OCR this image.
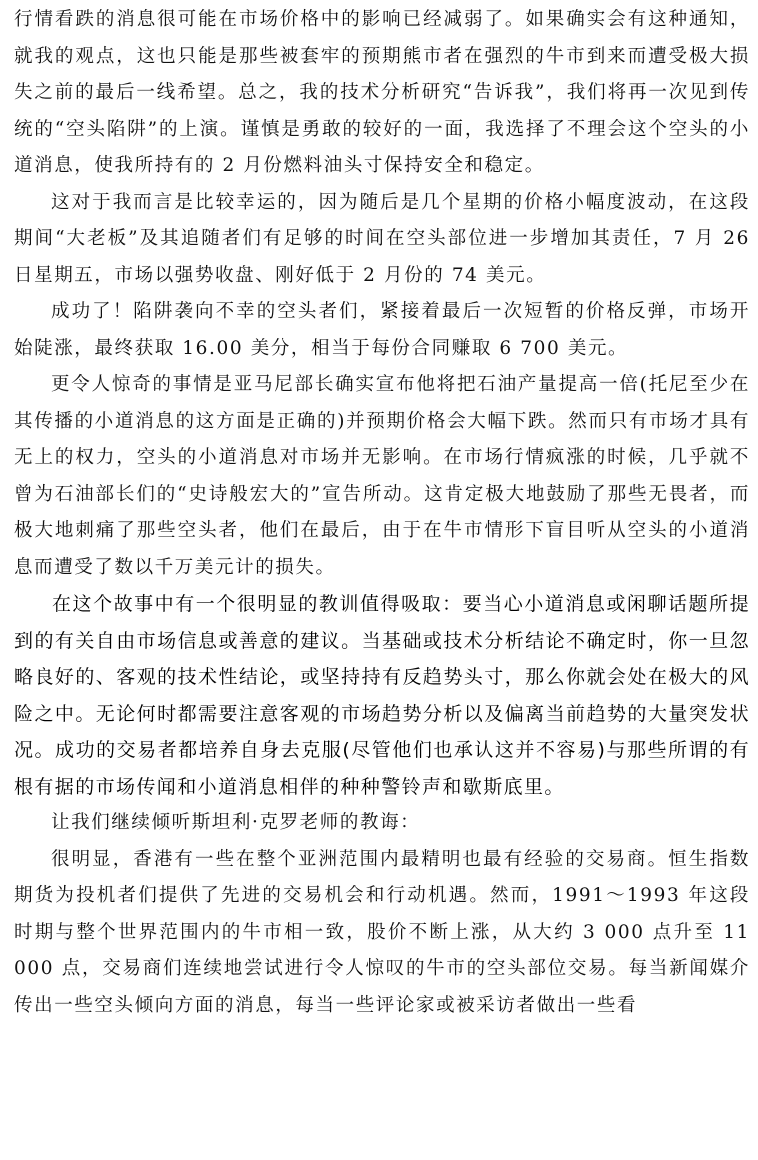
行情看跌的消息很可能在市场价格中的影响已经减弱了。如果确实会有这种通知，就我的观点，这也只能是那些被套牢的预期熊市者在强烈的牛市到来而遭受极大损失之前的最后一线希望。总之，我的技术分析研究“告诉我”，我们将再一次见到传统的“空头陷阱”的上演。谨慎是勇敢的较好的一面，我选择了不理会这个空头的小道消息，使我所持有的 2 月份燃料油头寸保持安全和稳定。

这对于我而言是比较幸运的，因为随后是几个星期的价格小幅度波动，在这段期间“大老板”及其追随者们有足够的时间在空头部位进一步增加其责任，7 月 26 日星期五，市场以强势收盘、刚好低于 2 月份的 74 美元。

成功了！陷阱袭向不幸的空头者们，紧接着最后一次短暂的价格反弹，市场开始陡涨，最终获取 16.00 美分，相当于每份合同赚取 6 700 美元。

更令人惊奇的事情是亚马尼部长确实宣布他将把石油产量提高一倍(托尼至少在其传播的小道消息的这方面是正确的)并预期价格会大幅下跌。然而只有市场才具有无上的权力，空头的小道消息对市场并无影响。在市场行情疯涨的时候，几乎就不曾为石油部长们的“史诗般宏大的”宣告所动。这肯定极大地鼓励了那些无畏者，而极大地刺痛了那些空头者，他们在最后，由于在牛市情形下盲目听从空头的小道消息而遭受了数以千万美元计的损失。

在这个故事中有一个很明显的教训值得吸取：要当心小道消息或闲聊话题所提到的有关自由市场信息或善意的建议。当基础或技术分析结论不确定时，你一旦忽略良好的、客观的技术性结论，或坚持持有反趋势头寸，那么你就会处在极大的风险之中。无论何时都需要注意客观的市场趋势分析以及偏离当前趋势的大量突发状况。成功的交易者都培养自身去克服(尽管他们也承认这并不容易)与那些所谓的有根有据的市场传闻和小道消息相伴的种种警铃声和歇斯底里。

让我们继续倾听斯坦利·克罗老师的教诲：

很明显，香港有一些在整个亚洲范围内最精明也最有经验的交易商。恒生指数期货为投机者们提供了先进的交易机会和行动机遇。然而，1991～1993 年这段时期与整个世界范围内的牛市相一致，股价不断上涨，从大约 3 000 点升至 11 000 点，交易商们连续地尝试进行令人惊叹的牛市的空头部位交易。每当新闻媒介传出一些空头倾向方面的消息，每当一些评论家或被采访者做出一些看
